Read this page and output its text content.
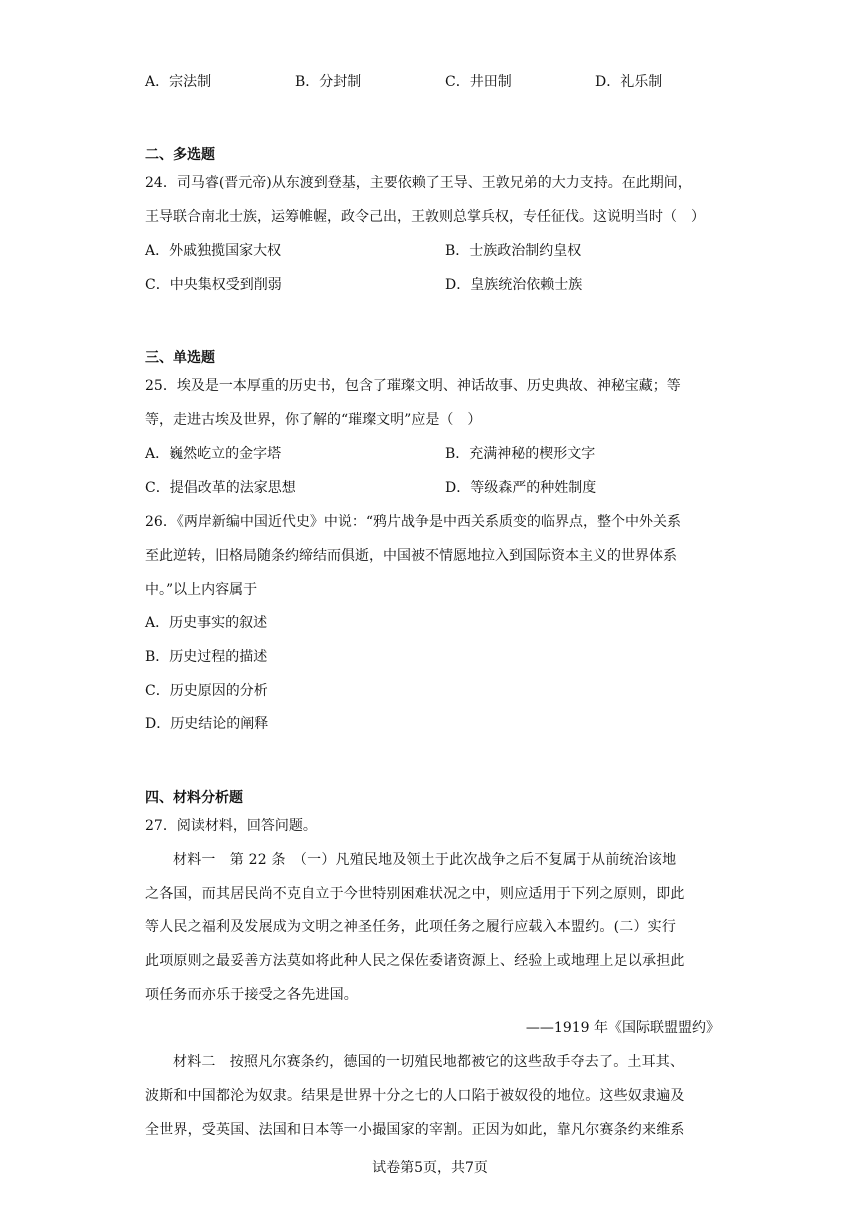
A．宗法制	B．分封制	C．井田制	D．礼乐制
二、多选题
24．司马睿(晋元帝)从东渡到登基，主要依赖了王导、王敦兄弟的大力支持。在此期间，
王导联合南北士族，运筹帷幄，政令己出，王敦则总掌兵权，专任征伐。这说明当时（　）
A．外戚独揽国家大权	B．士族政治制约皇权
C．中央集权受到削弱	D．皇族统治依赖士族
三、单选题
25．埃及是一本厚重的历史书，包含了璀璨文明、神话故事、历史典故、神秘宝藏；等
等，走进古埃及世界，你了解的“璀璨文明”应是（　）
A．巍然屹立的金字塔	B．充满神秘的楔形文字
C．提倡改革的法家思想	D．等级森严的种姓制度
26．《两岸新编中国近代史》中说：“鸦片战争是中西关系质变的临界点，整个中外关系
至此逆转，旧格局随条约缔结而俱逝，中国被不情愿地拉入到国际资本主义的世界体系
中。”以上内容属于
A．历史事实的叙述
B．历史过程的描述
C．历史原因的分析
D．历史结论的阐释
四、材料分析题
27．阅读材料，回答问题。
材料一　第 22 条　（一）凡殖民地及领土于此次战争之后不复属于从前统治该地
之各国，而其居民尚不克自立于今世特别困难状况之中，则应适用于下列之原则，即此
等人民之福利及发展成为文明之神圣任务，此项任务之履行应载入本盟约。(二）实行
此项原则之最妥善方法莫如将此种人民之保佐委诸资源上、经验上或地理上足以承担此
项任务而亦乐于接受之各先进国。
——1919 年《国际联盟盟约》
材料二　按照凡尔赛条约，德国的一切殖民地都被它的这些敌手夺去了。土耳其、
波斯和中国都沦为奴隶。结果是世界十分之七的人口陷于被奴役的地位。这些奴隶遍及
全世界，受英国、法国和日本等一小撮国家的宰割。正因为如此，靠凡尔赛条约来维系
试卷第5页，共7页
